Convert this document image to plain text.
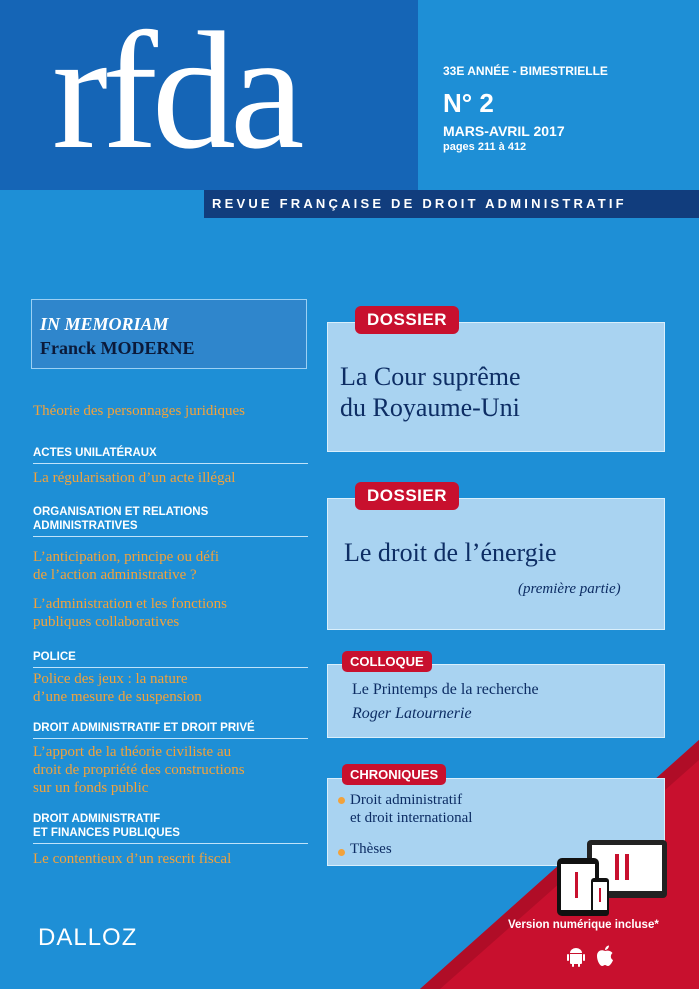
rfda	33E ANNÉE - BIMESTRIELLE
N° 2
MARS-AVRIL 2017
pages 211 à 412
REVUE FRANÇAISE DE DROIT ADMINISTRATIF
IN MEMORIAM
Franck MODERNE
Théorie des personnages juridiques
ACTES UNILATÉRAUX
La régularisation d’un acte illégal
ORGANISATION ET RELATIONS
ADMINISTRATIVES
L’anticipation, principe ou défi
de l’action administrative ?
L’administration et les fonctions
publiques collaboratives
POLICE
Police des jeux : la nature
d’une mesure de suspension
DROIT ADMINISTRATIF ET DROIT PRIVÉ
L’apport de la théorie civiliste au
droit de propriété des constructions
sur un fonds public
DROIT ADMINISTRATIF
ET FINANCES PUBLIQUES
Le contentieux d’un rescrit fiscal
DOSSIER
La Cour suprême
du Royaume-Uni
DOSSIER
Le droit de l’énergie
(première partie)
COLLOQUE
Le Printemps de la recherche
Roger Latournerie
CHRONIQUES
Droit administratif
et droit international
Thèses
DALLOZ	Version numérique incluse*
